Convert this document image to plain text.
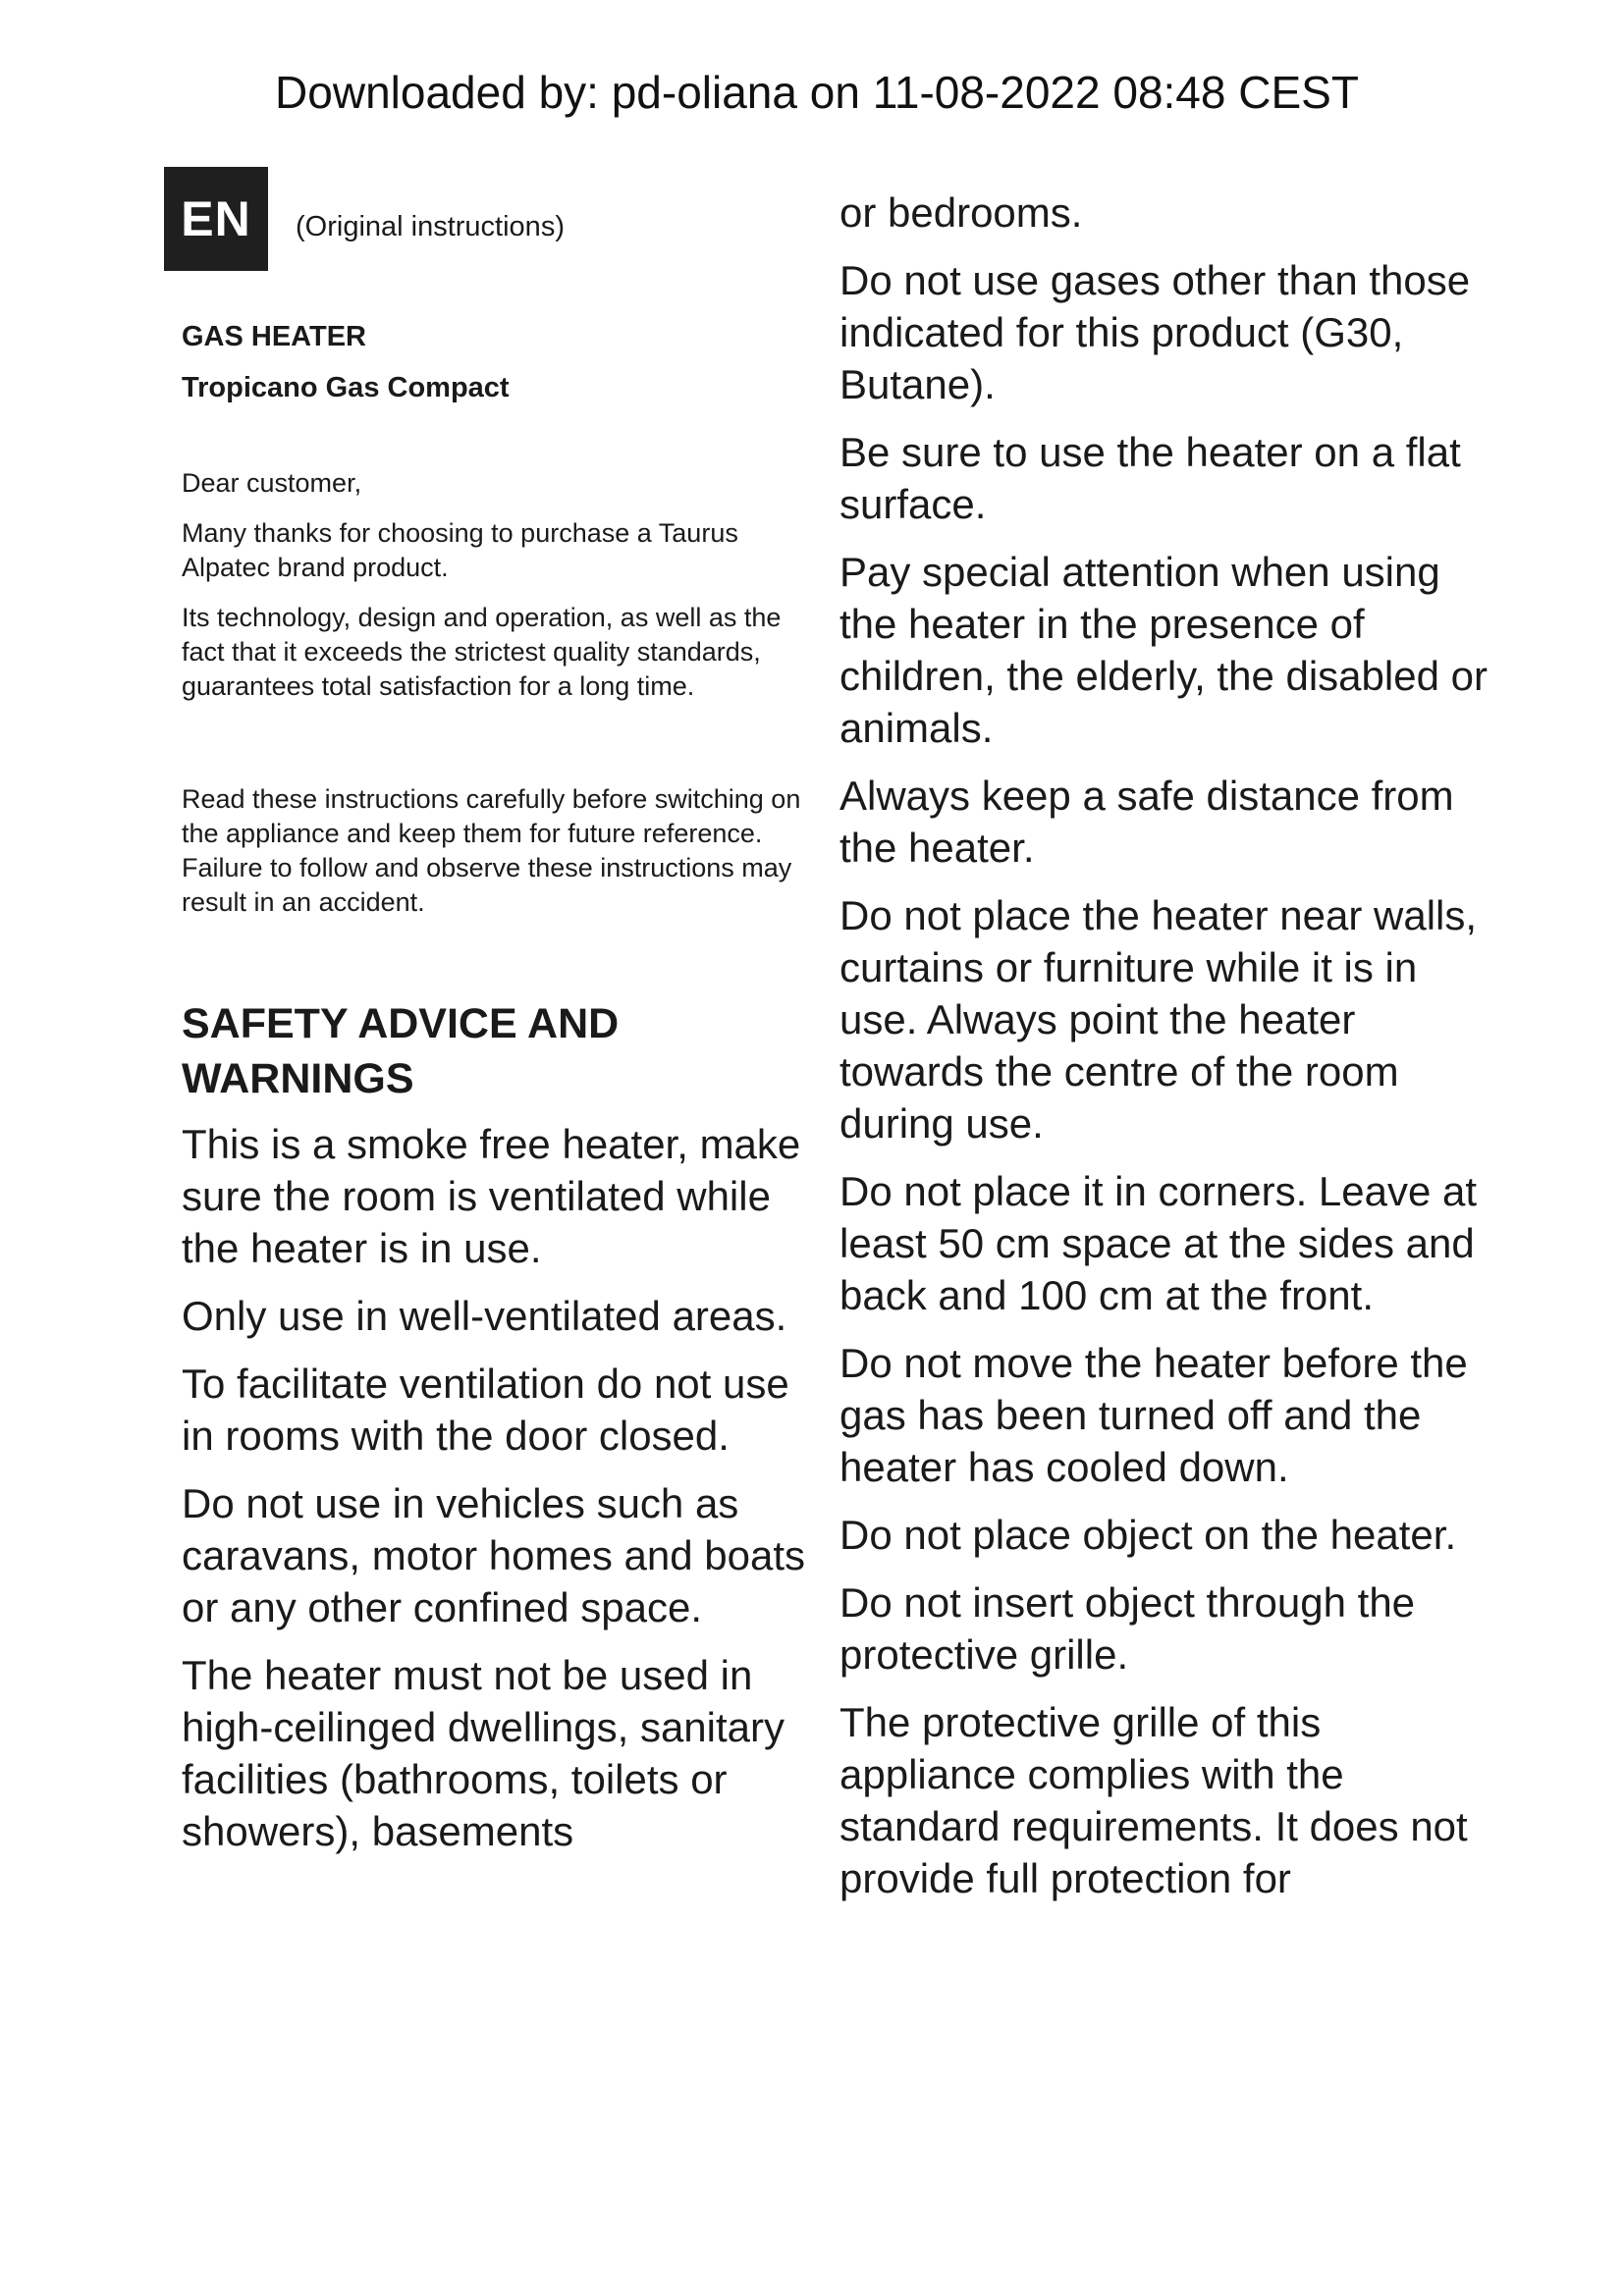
Downloaded by: pd-oliana on 11-08-2022 08:48 CEST
EN	(Original instructions)

GAS HEATER

Tropicano Gas Compact

Dear customer,

Many thanks for choosing to purchase a Taurus Alpatec brand product.

Its technology, design and operation, as well as the fact that it exceeds the strictest quality standards, guarantees total satisfaction for a long time.

Read these instructions carefully before switching on the appliance and keep them for future reference. Failure to follow and observe these instructions may result in an accident.

SAFETY ADVICE AND WARNINGS

This is a smoke free heater, make sure the room is ventilated while the heater is in use.

Only use in well-ventilated areas.

To facilitate ventilation do not use in rooms with the door closed.

Do not use in vehicles such as caravans, motor homes and boats or any other confined space.

The heater must not be used in high-ceilinged dwellings, sanitary facilities (bathrooms, toilets or showers), basements

or bedrooms.

Do not use gases other than those indicated for this product (G30, Butane).

Be sure to use the heater on a flat surface.

Pay special attention when using the heater in the presence of children, the elderly, the disabled or animals.

Always keep a safe distance from the heater.

Do not place the heater near walls, curtains or furniture while it is in use. Always point the heater towards the centre of the room during use.

Do not place it in corners. Leave at least 50 cm space at the sides and back and 100 cm at the front.

Do not move the heater before the gas has been turned off and the heater has cooled down.

Do not place object on the heater.

Do not insert object through the protective grille.

The protective grille of this appliance complies with the standard requirements. It does not provide full protection for
